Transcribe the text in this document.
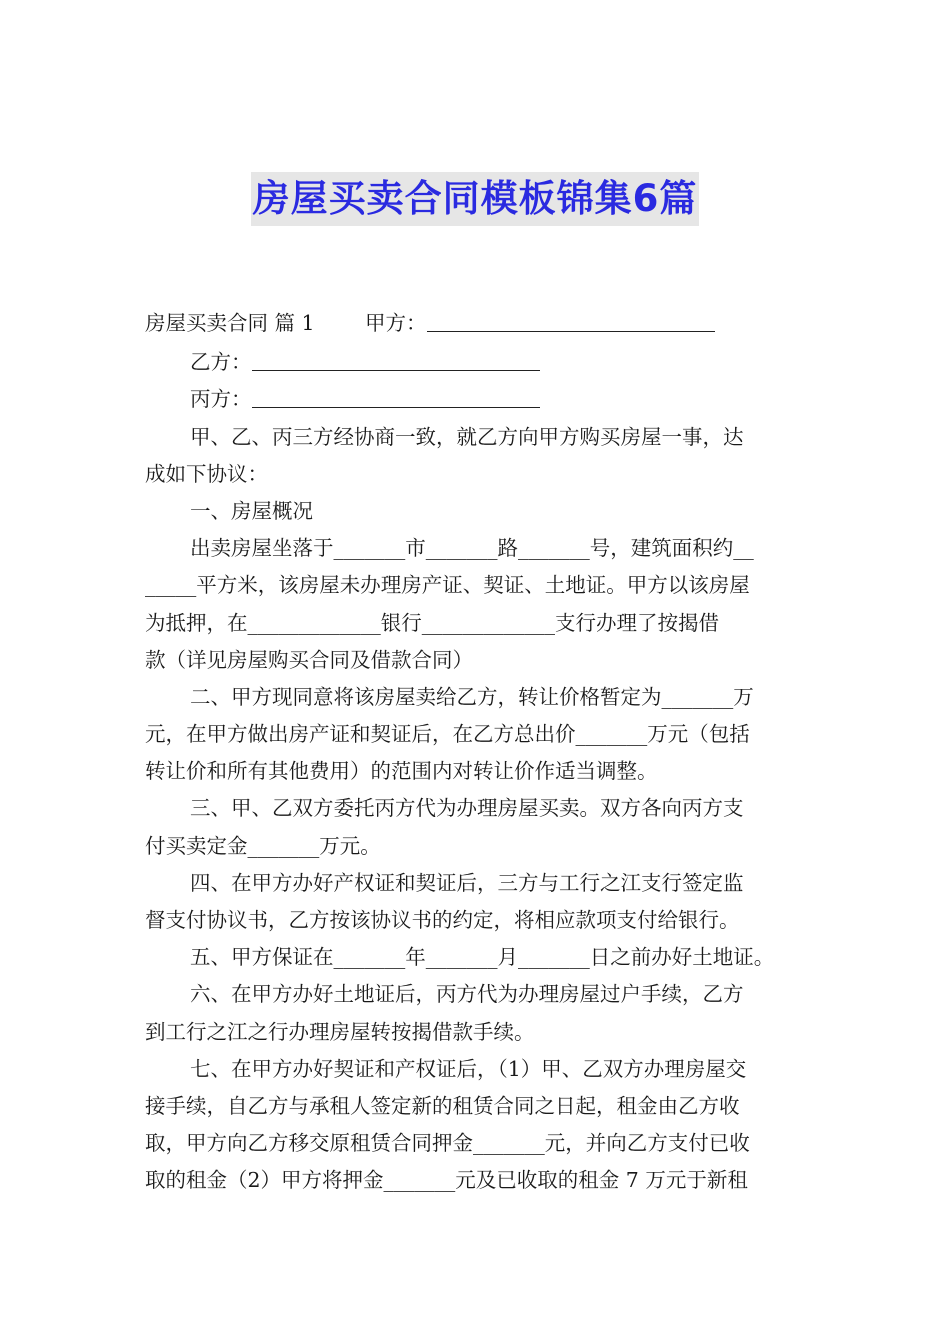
房屋买卖合同模板锦集6篇
房屋买卖合同 篇 1 甲方：
乙方：
丙方：
甲、乙、丙三方经协商一致，就乙方向甲方购买房屋一事，达
成如下协议：
一、房屋概况
出卖房屋坐落于_______市_______路_______号，建筑面积约__
_____平方米，该房屋未办理房产证、契证、土地证。甲方以该房屋
为抵押，在_____________银行_____________支行办理了按揭借
款（详见房屋购买合同及借款合同）
二、甲方现同意将该房屋卖给乙方，转让价格暂定为_______万
元，在甲方做出房产证和契证后，在乙方总出价_______万元（包括
转让价和所有其他费用）的范围内对转让价作适当调整。
三、甲、乙双方委托丙方代为办理房屋买卖。双方各向丙方支
付买卖定金_______万元。
四、在甲方办好产权证和契证后，三方与工行之江支行签定监
督支付协议书，乙方按该协议书的约定，将相应款项支付给银行。
五、甲方保证在_______年_______月_______日之前办好土地证。
六、在甲方办好土地证后，丙方代为办理房屋过户手续，乙方
到工行之江之行办理房屋转按揭借款手续。
七、在甲方办好契证和产权证后，（1）甲、乙双方办理房屋交
接手续，自乙方与承租人签定新的租赁合同之日起，租金由乙方收
取，甲方向乙方移交原租赁合同押金_______元，并向乙方支付已收
取的租金（2）甲方将押金_______元及已收取的租金 7 万元于新租
